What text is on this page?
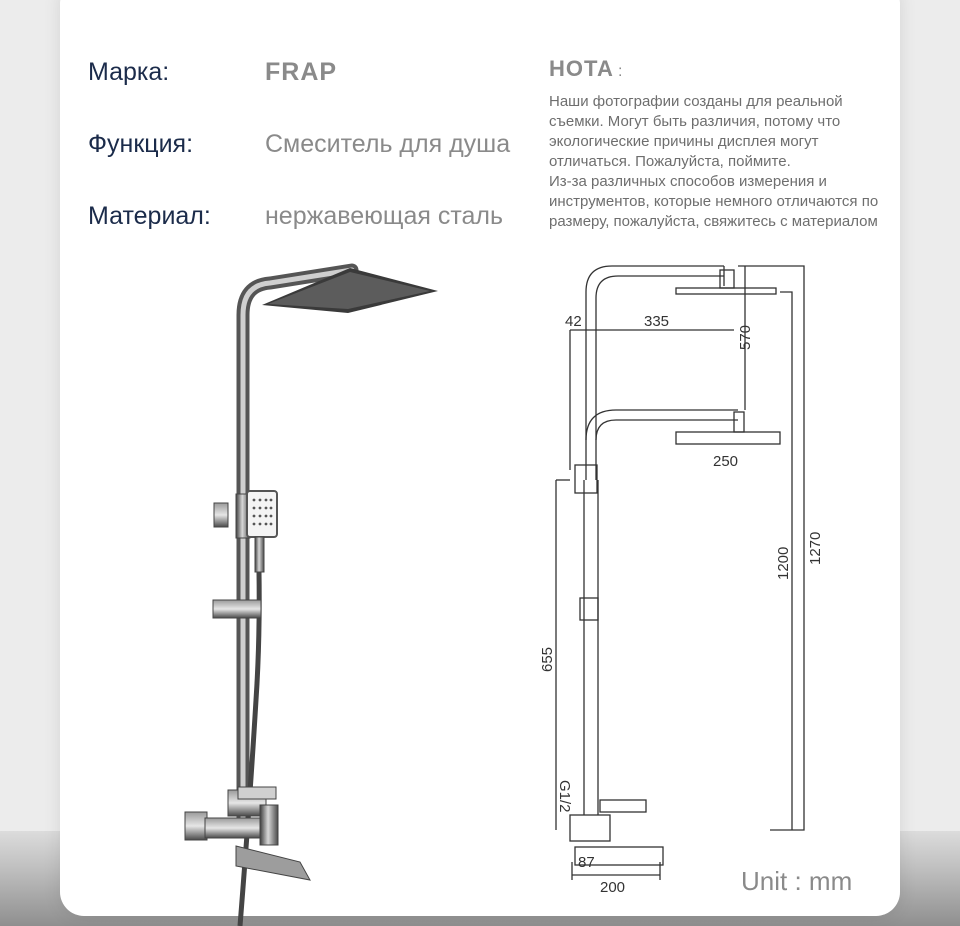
Марка:	FRAP
Функция:	Смеситель для душа
Материал: нержавеющая сталь
НОТА :
Наши фотографии созданы для реальной съемки. Могут быть различия, потому что экологические причины дисплея могут отличаться. Пожалуйста, поймите.
Из-за различных способов измерения и инструментов, которые немного отличаются по размеру, пожалуйста, свяжитесь с материалом
42	335
570
250
1200 1270
655
G1/2
87
200	Unit : mm
